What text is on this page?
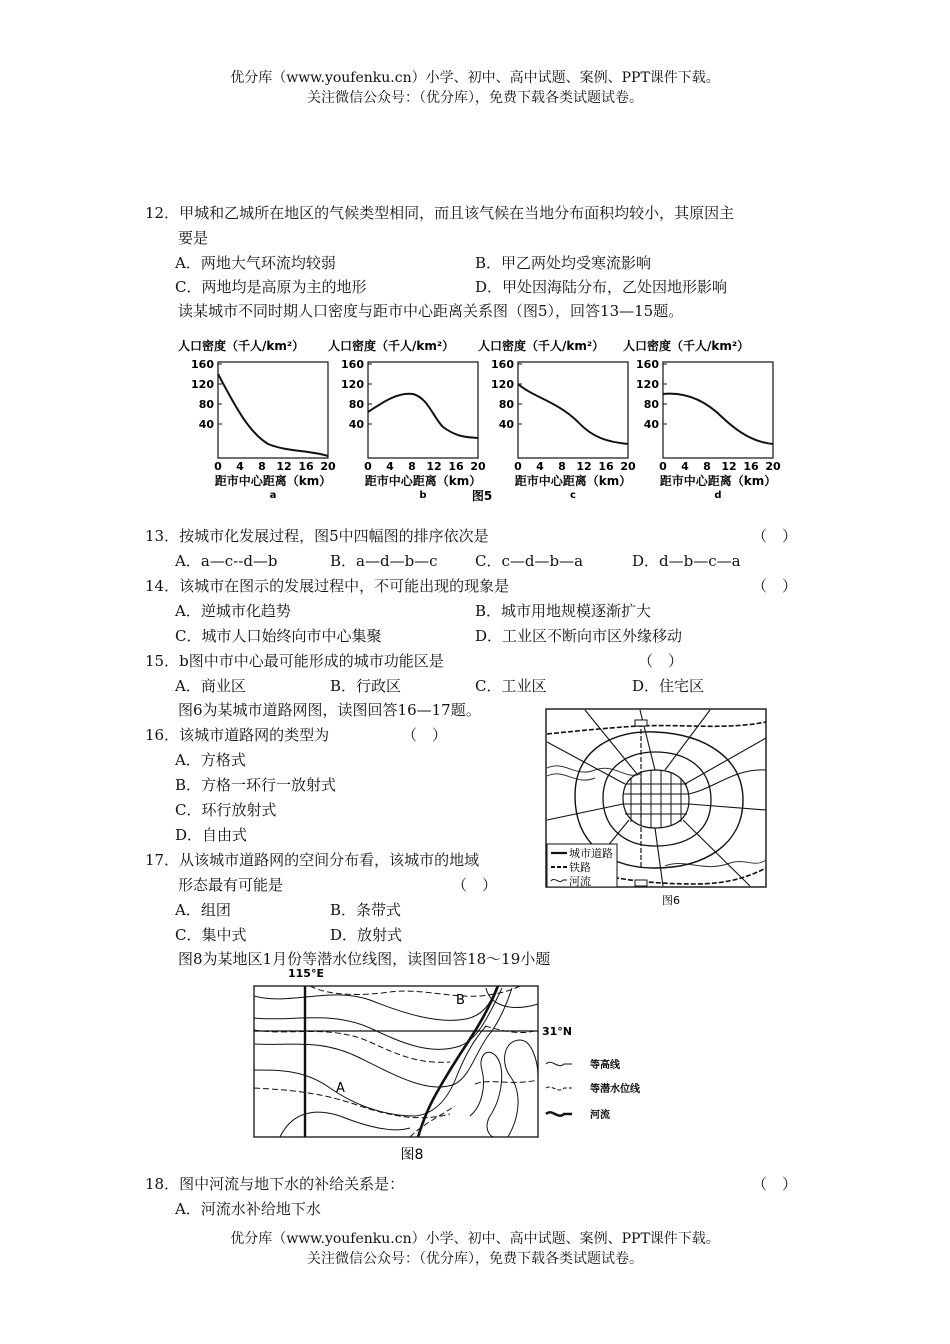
优分库（www.youfenku.cn）小学、初中、高中试题、案例、PPT课件下载。
关注微信公众号：（优分库），免费下载各类试题试卷。
12．甲城和乙城所在地区的气候类型相同，而且该气候在当地分布面积均较小，其原因主
要是
A．两地大气环流均较弱	B．甲乙两处均受寒流影响
C．两地均是高原为主的地形	D．甲处因海陆分布，乙处因地形影响
读某城市不同时期人口密度与距市中心距离关系图（图5），回答13—15题。
人口密度（千人/km²）
160
120
80
40
0 4 8 12 16 20
距市中心距离（km）
a
人口密度（千人/km²）
160
120
80
40
0 4 8 12 16 20
距市中心距离（km）
b
人口密度（千人/km²）
160
120
80
40
0 4 8 12 16 20
距市中心距离（km）
c
人口密度（千人/km²）
160
120
80
40
0 4 8 12 16 20
距市中心距离（km）
d
图5
13．按城市化发展过程，图5中四幅图的排序依次是	（　）
A．a—c--d—b	B．a—d—b—c C．c—d—b—a	D．d—b—c—a
14．该城市在图示的发展过程中，不可能出现的现象是	（　）
A．逆城市化趋势	B．城市用地规模逐渐扩大
C．城市人口始终向市中心集聚	D．工业区不断向市区外缘移动
15．b图中市中心最可能形成的城市功能区是	（　）
A．商业区	B．行政区	C．工业区	D．住宅区
图6为某城市道路网图，读图回答16—17题。
16．该城市道路网的类型为	（　）
A．方格式
B．方格一环行一放射式
C．环行放射式
D．自由式
17．从该城市道路网的空间分布看，该城市的地域
形态最有可能是	（　）
A．组团	B．条带式
C．集中式	D．放射式
城市道路
铁路
河流
图6
图8为某地区1月份等潜水位线图，读图回答18～19小题
115°E
31°N
A
B
等高线
等潜水位线
河流
图8
18．图中河流与地下水的补给关系是：	（　）
A．河流水补给地下水
优分库（www.youfenku.cn）小学、初中、高中试题、案例、PPT课件下载。
关注微信公众号：（优分库），免费下载各类试题试卷。
